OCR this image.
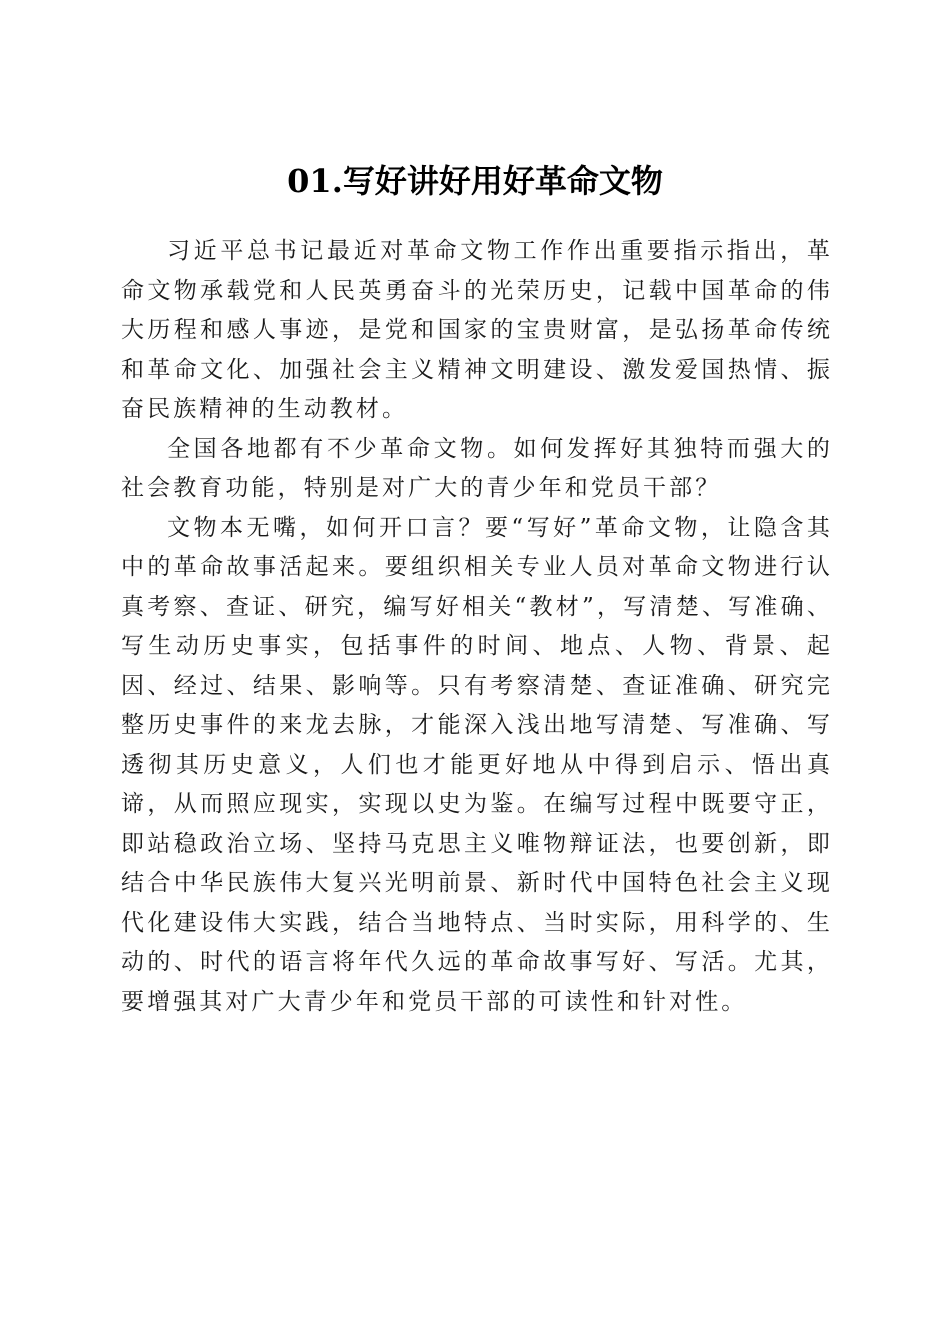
01.写好讲好用好革命文物

习近平总书记最近对革命文物工作作出重要指示指出，革命文物承载党和人民英勇奋斗的光荣历史，记载中国革命的伟大历程和感人事迹，是党和国家的宝贵财富，是弘扬革命传统和革命文化、加强社会主义精神文明建设、激发爱国热情、振奋民族精神的生动教材。

全国各地都有不少革命文物。如何发挥好其独特而强大的社会教育功能，特别是对广大的青少年和党员干部？

文物本无嘴，如何开口言？要“写好”革命文物，让隐含其中的革命故事活起来。要组织相关专业人员对革命文物进行认真考察、查证、研究，编写好相关“教材”，写清楚、写准确、写生动历史事实，包括事件的时间、地点、人物、背景、起因、经过、结果、影响等。只有考察清楚、查证准确、研究完整历史事件的来龙去脉，才能深入浅出地写清楚、写准确、写透彻其历史意义，人们也才能更好地从中得到启示、悟出真谛，从而照应现实，实现以史为鉴。在编写过程中既要守正，即站稳政治立场、坚持马克思主义唯物辩证法，也要创新，即结合中华民族伟大复兴光明前景、新时代中国特色社会主义现代化建设伟大实践，结合当地特点、当时实际，用科学的、生动的、时代的语言将年代久远的革命故事写好、写活。尤其，要增强其对广大青少年和党员干部的可读性和针对性。
